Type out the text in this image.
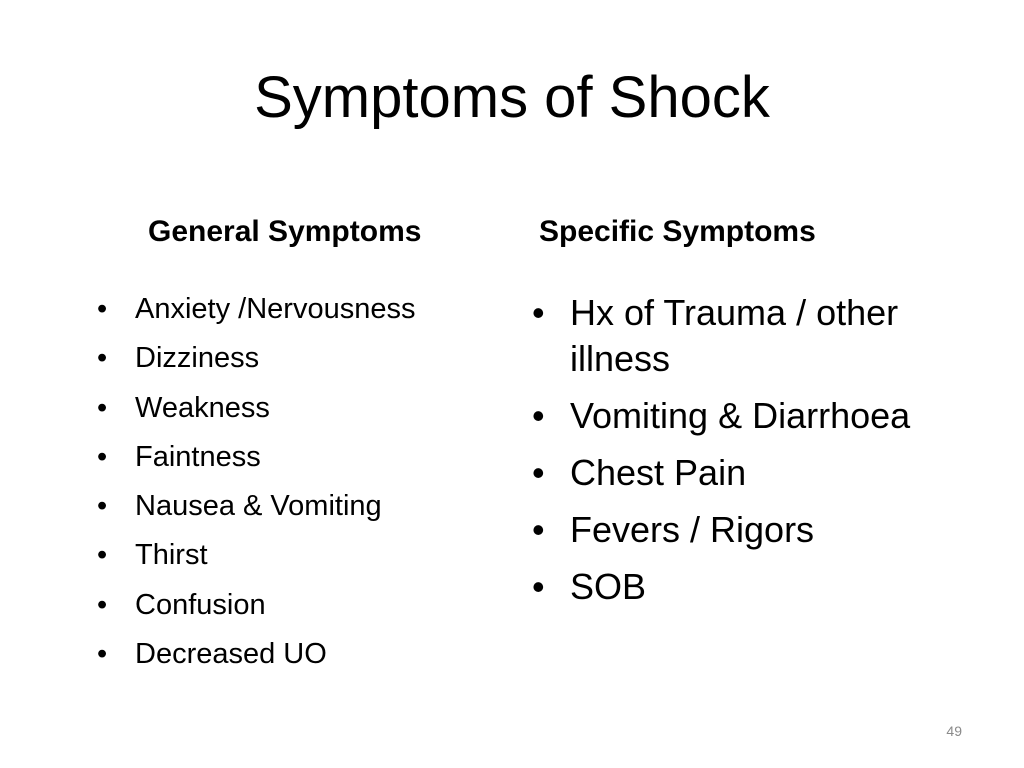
Symptoms of Shock
General Symptoms	Specific Symptoms
• Anxiety /Nervousness
• Dizziness
• Weakness
• Faintness
• Nausea & Vomiting
• Thirst
• Confusion
• Decreased UO
• Hx of Trauma / other illness
• Vomiting & Diarrhoea
• Chest Pain
• Fevers / Rigors
• SOB
49
